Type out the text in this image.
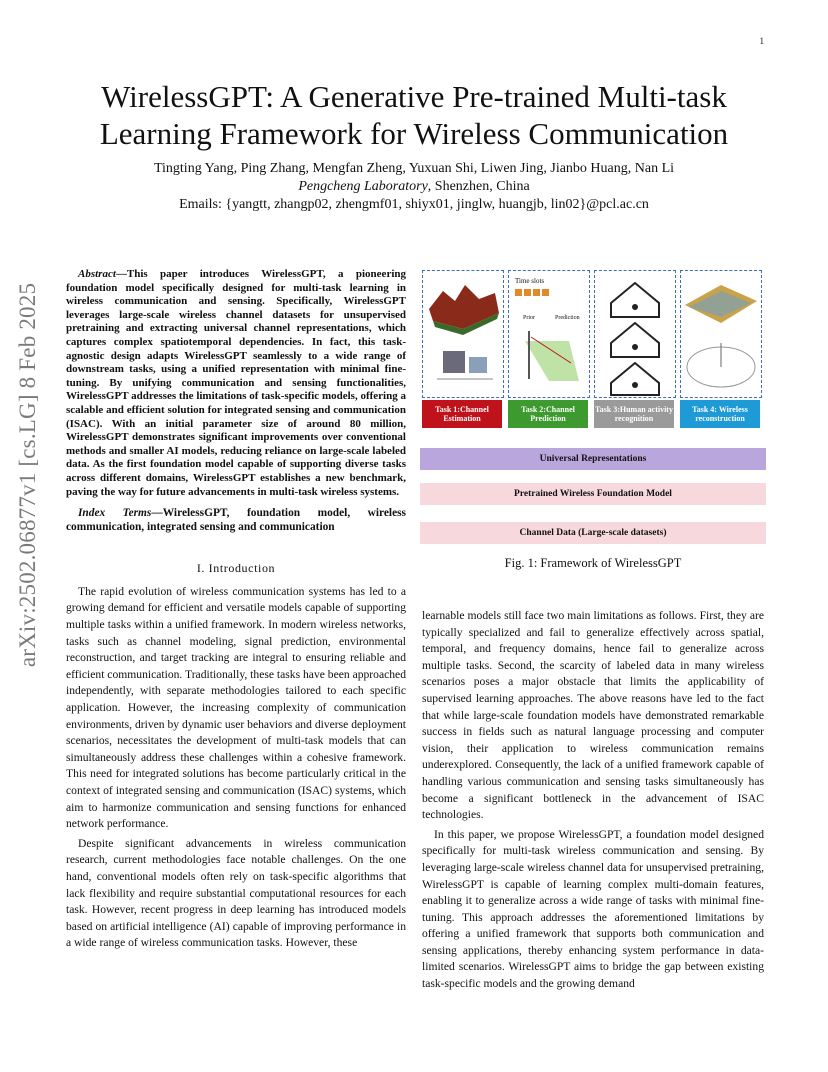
1
arXiv:2502.06877v1 [cs.LG] 8 Feb 2025
WirelessGPT: A Generative Pre-trained Multi-task Learning Framework for Wireless Communication
Tingting Yang, Ping Zhang, Mengfan Zheng, Yuxuan Shi, Liwen Jing, Jianbo Huang, Nan Li
Pengcheng Laboratory, Shenzhen, China
Emails: {yangtt, zhangp02, zhengmf01, shiyx01, jinglw, huangjb, lin02}@pcl.ac.cn
Abstract—This paper introduces WirelessGPT, a pioneering foundation model specifically designed for multi-task learning in wireless communication and sensing. Specifically, WirelessGPT leverages large-scale wireless channel datasets for unsupervised pretraining and extracting universal channel representations, which captures complex spatiotemporal dependencies. In fact, this task-agnostic design adapts WirelessGPT seamlessly to a wide range of downstream tasks, using a unified representation with minimal fine-tuning. By unifying communication and sensing functionalities, WirelessGPT addresses the limitations of task-specific models, offering a scalable and efficient solution for integrated sensing and communication (ISAC). With an initial parameter size of around 80 million, WirelessGPT demonstrates significant improvements over conventional methods and smaller AI models, reducing reliance on large-scale labeled data. As the first foundation model capable of supporting diverse tasks across different domains, WirelessGPT establishes a new benchmark, paving the way for future advancements in multi-task wireless systems.
Index Terms—WirelessGPT, foundation model, wireless communication, integrated sensing and communication
I. Introduction

The rapid evolution of wireless communication systems has led to a growing demand for efficient and versatile models capable of supporting multiple tasks within a unified framework. In modern wireless networks, tasks such as channel modeling, signal prediction, environmental reconstruction, and target tracking are integral to ensuring reliable and efficient communication. Traditionally, these tasks have been approached independently, with separate methodologies tailored to each specific application. However, the increasing complexity of communication environments, driven by dynamic user behaviors and diverse deployment scenarios, necessitates the development of multi-task models that can simultaneously address these challenges within a cohesive framework. This need for integrated solutions has become particularly critical in the context of integrated sensing and communication (ISAC) systems, which aim to harmonize communication and sensing functions for enhanced network performance.

Despite significant advancements in wireless communication research, current methodologies face notable challenges. On the one hand, conventional models often rely on task-specific algorithms that lack flexibility and require substantial computational resources for each task. However, recent progress in deep learning has introduced models based on artificial intelligence (AI) capable of improving performance in a wide range of wireless communication tasks. However, these

Time slots
Prior	Prediction
Task 1:Channel Estimation
Task 2:Channel Prediction
Task 3:Human activity recognition
Task 4: Wireless reconstruction
Universal Representations
Pretrained Wireless Foundation Model
Channel Data (Large-scale datasets)
Fig. 1: Framework of WirelessGPT

learnable models still face two main limitations as follows. First, they are typically specialized and fail to generalize effectively across spatial, temporal, and frequency domains, hence fail to generalize across multiple tasks. Second, the scarcity of labeled data in many wireless scenarios poses a major obstacle that limits the applicability of supervised learning approaches. The above reasons have led to the fact that while large-scale foundation models have demonstrated remarkable success in fields such as natural language processing and computer vision, their application to wireless communication remains underexplored. Consequently, the lack of a unified framework capable of handling various communication and sensing tasks simultaneously has become a significant bottleneck in the advancement of ISAC technologies.

In this paper, we propose WirelessGPT, a foundation model designed specifically for multi-task wireless communication and sensing. By leveraging large-scale wireless channel data for unsupervised pretraining, WirelessGPT is capable of learning complex multi-domain features, enabling it to generalize across a wide range of tasks with minimal fine-tuning. This approach addresses the aforementioned limitations by offering a unified framework that supports both communication and sensing applications, thereby enhancing system performance in data-limited scenarios. WirelessGPT aims to bridge the gap between existing task-specific models and the growing demand
